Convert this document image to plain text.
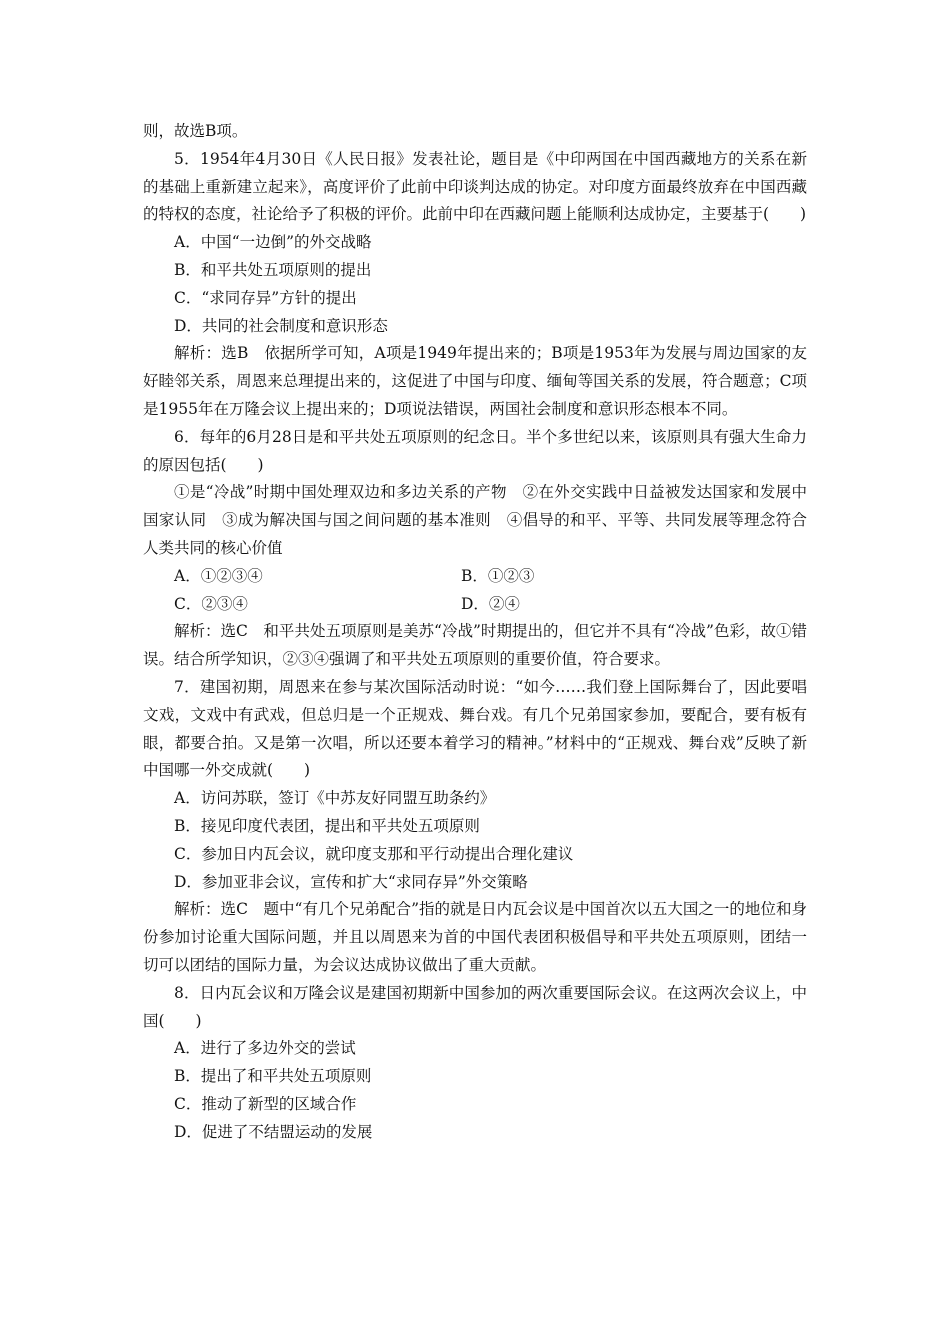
则，故选B项。

5．1954年4月30日《人民日报》发表社论，题目是《中印两国在中国西藏地方的关系在新的基础上重新建立起来》，高度评价了此前中印谈判达成的协定。对印度方面最终放弃在中国西藏的特权的态度，社论给予了积极的评价。此前中印在西藏问题上能顺利达成协定，主要基于(　　)

A．中国“一边倒”的外交战略

B．和平共处五项原则的提出

C．“求同存异”方针的提出

D．共同的社会制度和意识形态

解析：选B　依据所学可知，A项是1949年提出来的；B项是1953年为发展与周边国家的友好睦邻关系，周恩来总理提出来的，这促进了中国与印度、缅甸等国关系的发展，符合题意；C项是1955年在万隆会议上提出来的；D项说法错误，两国社会制度和意识形态根本不同。

6．每年的6月28日是和平共处五项原则的纪念日。半个多世纪以来，该原则具有强大生命力的原因包括(　　)

①是“冷战”时期中国处理双边和多边关系的产物　②在外交实践中日益被发达国家和发展中国家认同　③成为解决国与国之间问题的基本准则　④倡导的和平、平等、共同发展等理念符合人类共同的核心价值

A．①②③④	B．①②③
C．②③④	D．②④

解析：选C　和平共处五项原则是美苏“冷战”时期提出的，但它并不具有“冷战”色彩，故①错误。结合所学知识，②③④强调了和平共处五项原则的重要价值，符合要求。

7．建国初期，周恩来在参与某次国际活动时说：“如今……我们登上国际舞台了，因此要唱文戏，文戏中有武戏，但总归是一个正规戏、舞台戏。有几个兄弟国家参加，要配合，要有板有眼，都要合拍。又是第一次唱，所以还要本着学习的精神。”材料中的“正规戏、舞台戏”反映了新中国哪一外交成就(　　)

A．访问苏联，签订《中苏友好同盟互助条约》

B．接见印度代表团，提出和平共处五项原则

C．参加日内瓦会议，就印度支那和平行动提出合理化建议

D．参加亚非会议，宣传和扩大“求同存异”外交策略

解析：选C　题中“有几个兄弟配合”指的就是日内瓦会议是中国首次以五大国之一的地位和身份参加讨论重大国际问题，并且以周恩来为首的中国代表团积极倡导和平共处五项原则，团结一切可以团结的国际力量，为会议达成协议做出了重大贡献。

8．日内瓦会议和万隆会议是建国初期新中国参加的两次重要国际会议。在这两次会议上，中国(　　)

A．进行了多边外交的尝试

B．提出了和平共处五项原则

C．推动了新型的区域合作

D．促进了不结盟运动的发展
